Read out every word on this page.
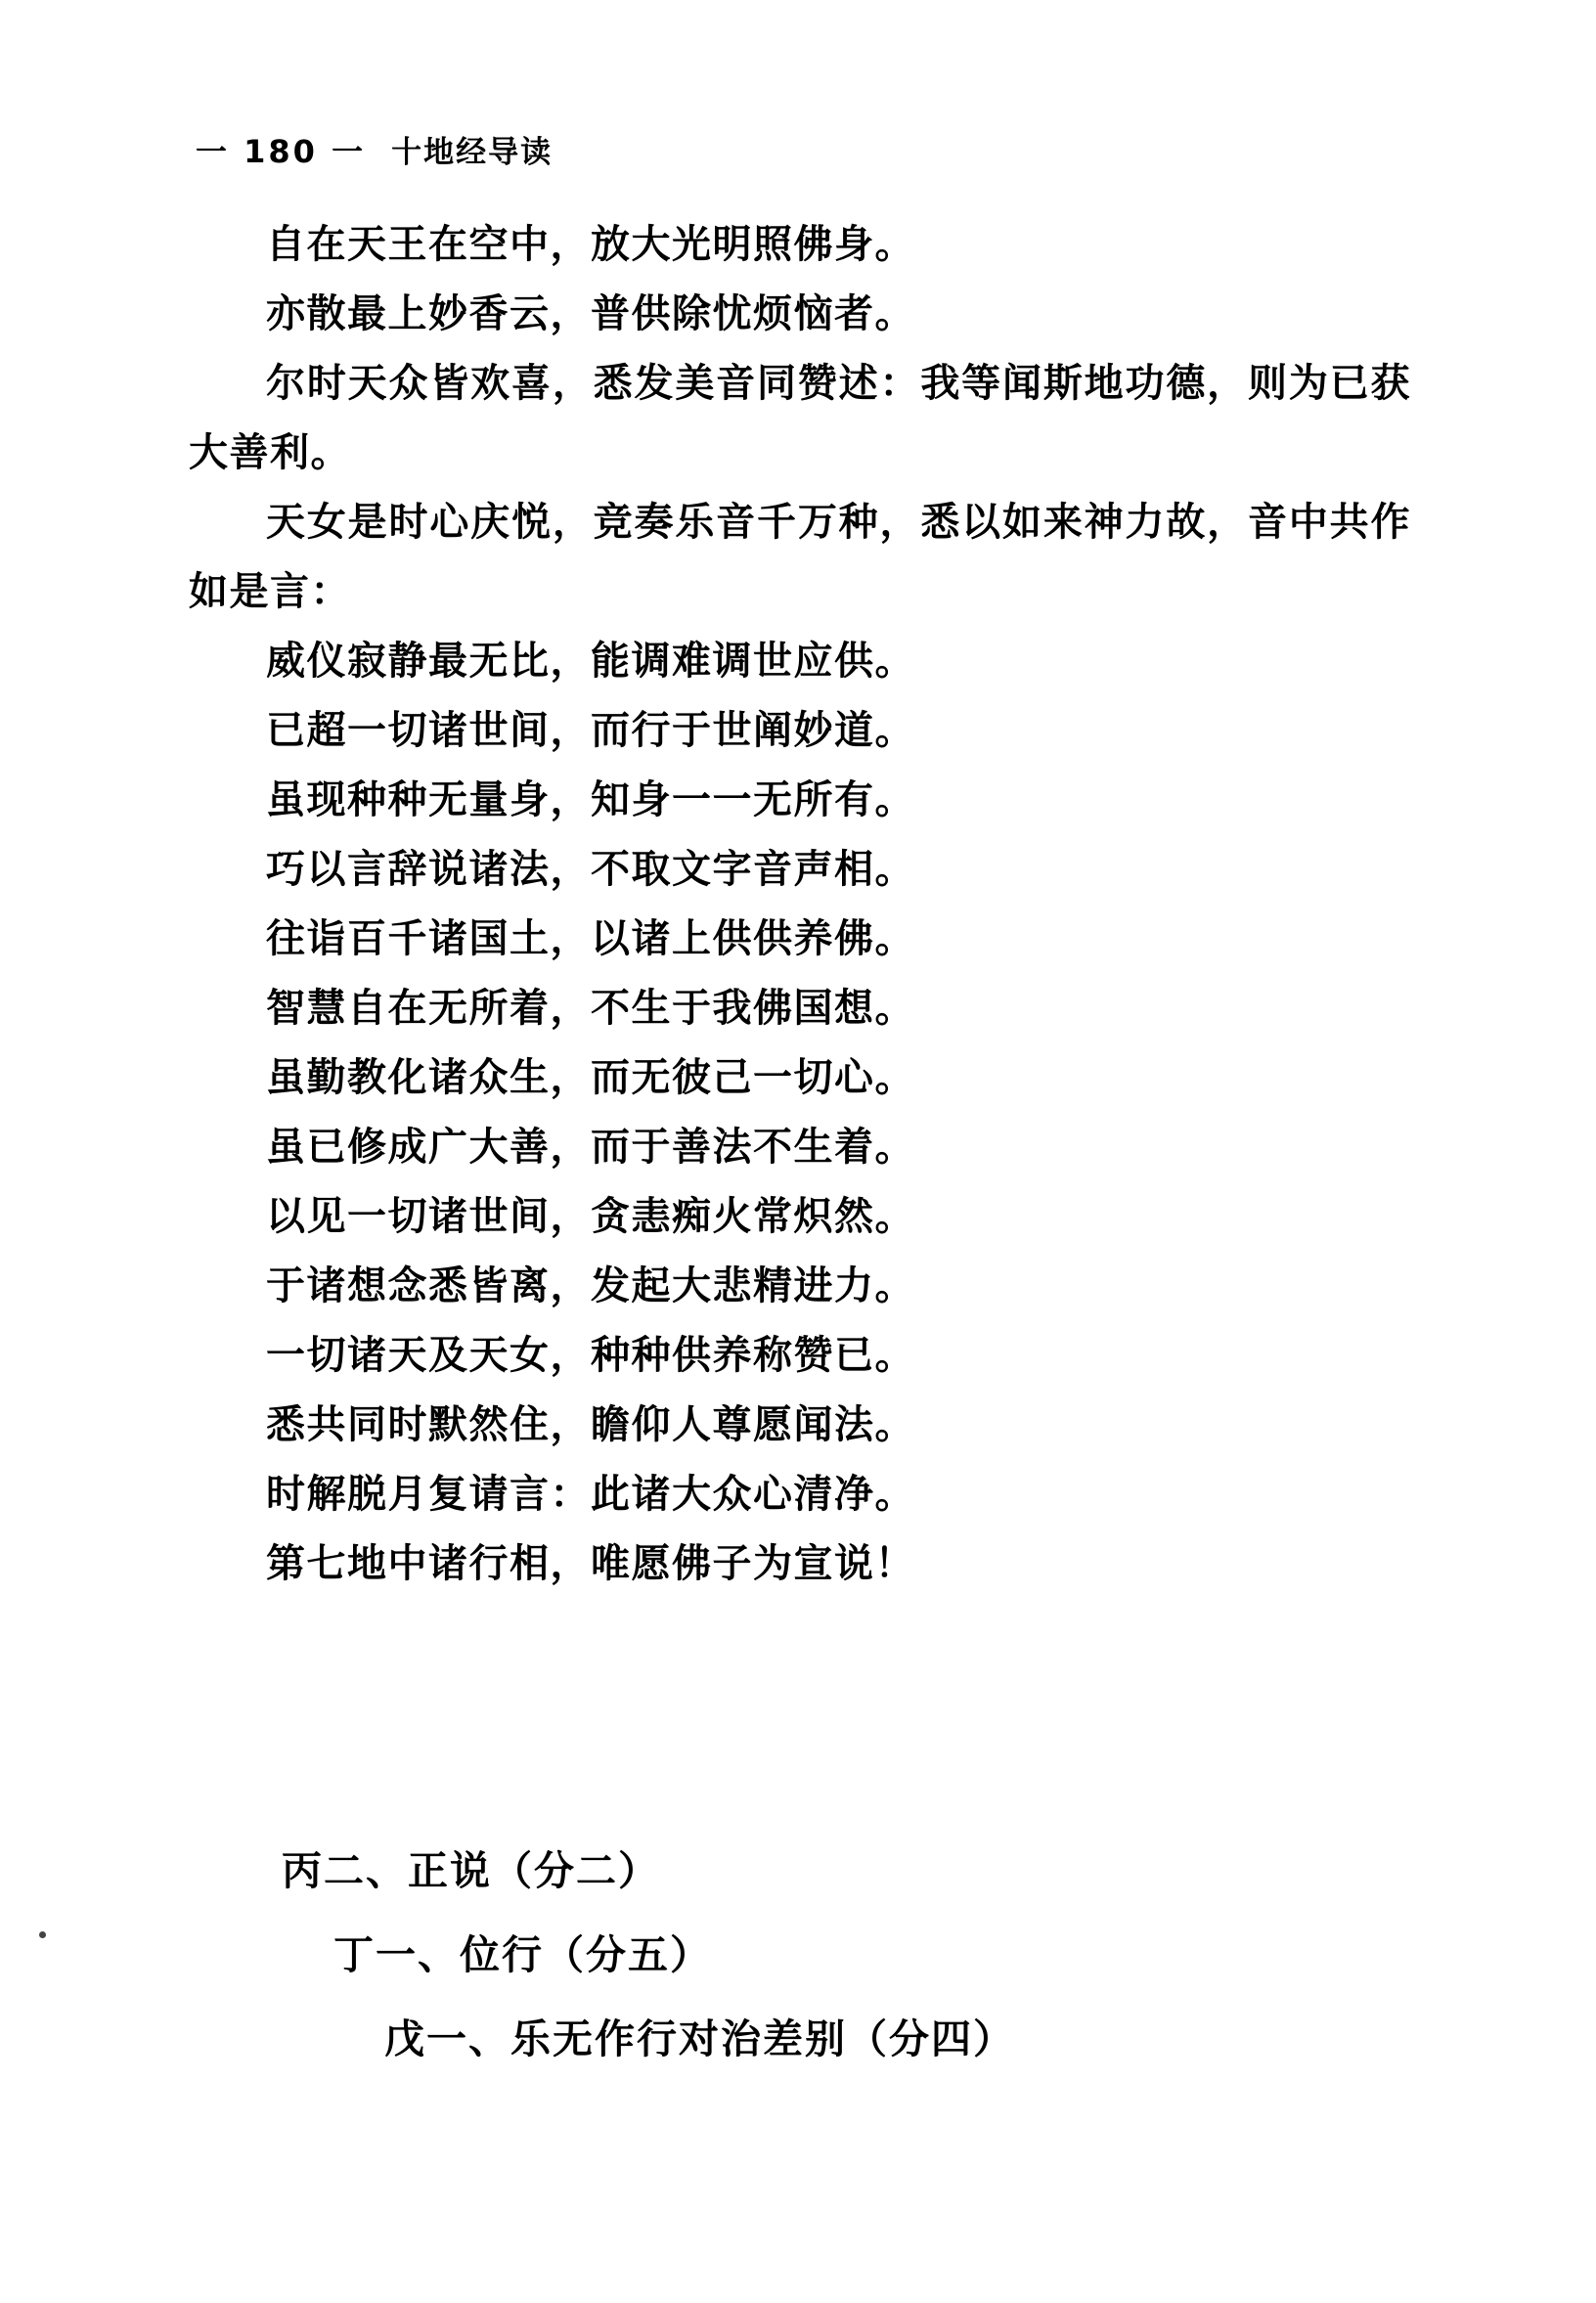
一 180 一 十地经导读

自在天王在空中，放大光明照佛身。

亦散最上妙香云，普供除忧烦恼者。

尔时天众皆欢喜，悉发美音同赞述：我等闻斯地功德，则为已获大善利。

天女是时心庆悦，竞奏乐音千万种，悉以如来神力故，音中共作如是言：

威仪寂静最无比，能调难调世应供。

已超一切诸世间，而行于世阐妙道。

虽现种种无量身，知身一一无所有。

巧以言辞说诸法，不取文字音声相。

往诣百千诸国土，以诸上供供养佛。

智慧自在无所着，不生于我佛国想。

虽勤教化诸众生，而无彼己一切心。

虽已修成广大善，而于善法不生着。

以见一切诸世间，贪恚痴火常炽然。

于诸想念悉皆离，发起大悲精进力。

一切诸天及天女，种种供养称赞已。

悉共同时默然住，瞻仰人尊愿闻法。

时解脱月复请言：此诸大众心清净。

第七地中诸行相，唯愿佛子为宣说！

丙二、正说（分二）

丁一、位行（分五）

戊一、乐无作行对治差别（分四）
